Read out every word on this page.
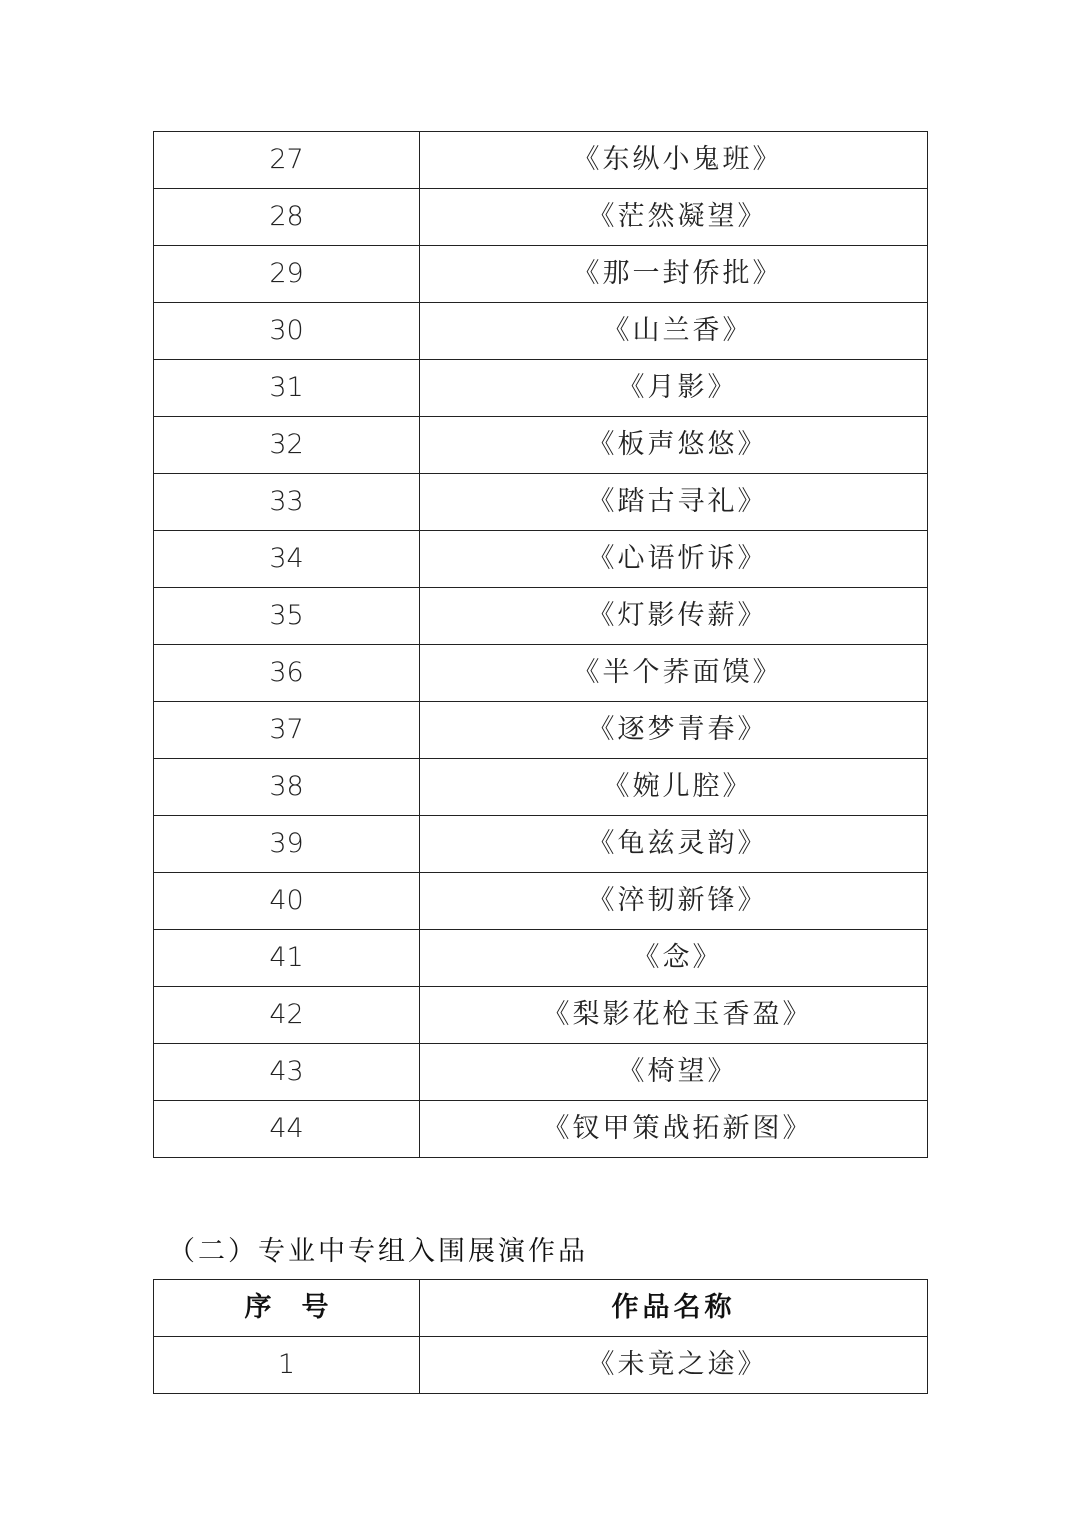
27	《东纵小鬼班》
28	《茫然凝望》
29	《那一封侨批》
30	《山兰香》
31	《月影》
32	《板声悠悠》
33	《踏古寻礼》
34	《心语忻诉》
35	《灯影传薪》
36	《半个荞面馍》
37	《逐梦青春》
38	《婉儿腔》
39	《龟兹灵韵》
40	《淬韧新锋》
41	《念》
42	《梨影花枪玉香盈》
43	《椅望》
44	《钗甲策战拓新图》
（二）专业中专组入围展演作品
序号	作品名称
1	《未竟之途》
